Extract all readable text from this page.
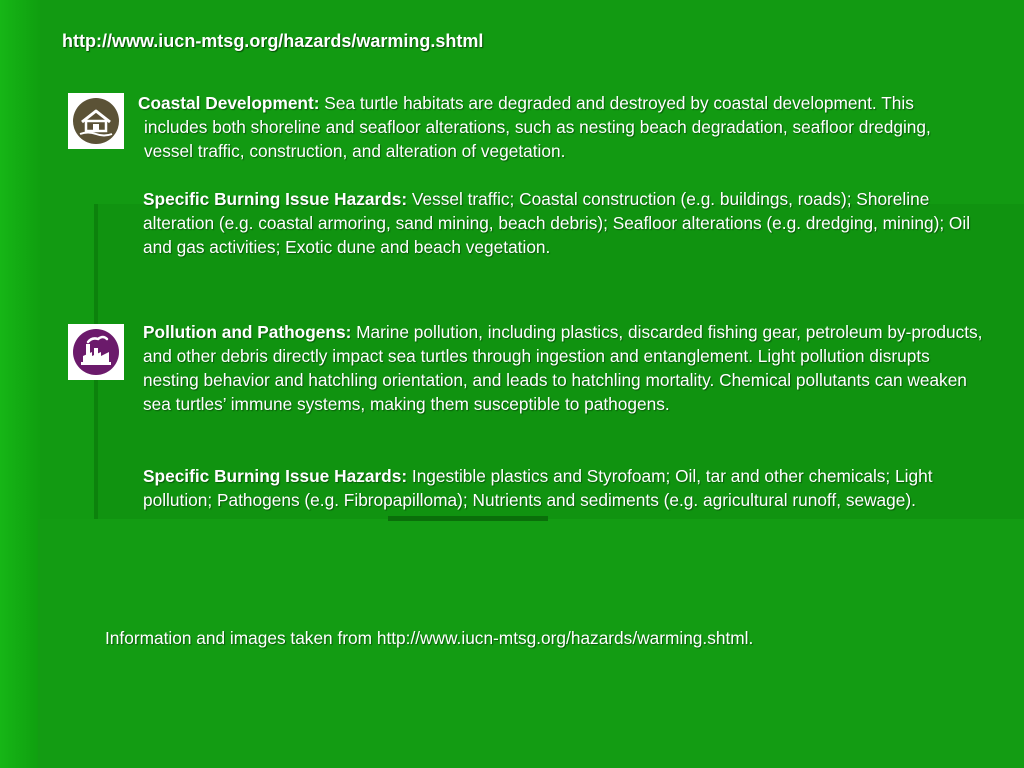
http://www.iucn-mtsg.org/hazards/warming.shtml

Coastal Development: Sea turtle habitats are degraded and destroyed by coastal development. This includes both shoreline and seafloor alterations, such as nesting beach degradation, seafloor dredging, vessel traffic, construction, and alteration of vegetation.

Specific Burning Issue Hazards: Vessel traffic; Coastal construction (e.g. buildings, roads); Shoreline alteration (e.g. coastal armoring, sand mining, beach debris); Seafloor alterations (e.g. dredging, mining); Oil and gas activities; Exotic dune and beach vegetation.

Pollution and Pathogens: Marine pollution, including plastics, discarded fishing gear, petroleum by-products, and other debris directly impact sea turtles through ingestion and entanglement. Light pollution disrupts nesting behavior and hatchling orientation, and leads to hatchling mortality. Chemical pollutants can weaken sea turtles’ immune systems, making them susceptible to pathogens.

Specific Burning Issue Hazards: Ingestible plastics and Styrofoam; Oil, tar and other chemicals; Light pollution; Pathogens (e.g. Fibropapilloma); Nutrients and sediments (e.g. agricultural runoff, sewage).

Information and images taken from http://www.iucn-mtsg.org/hazards/warming.shtml.
